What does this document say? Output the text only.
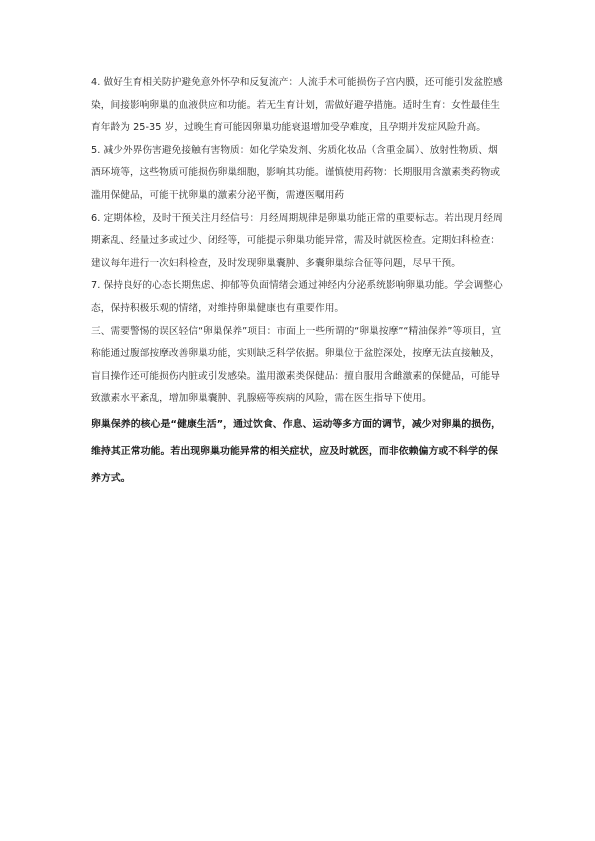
4. 做好生育相关防护避免意外怀孕和反复流产：人流手术可能损伤子宫内膜，还可能引发盆腔感染，间接影响卵巢的血液供应和功能。若无生育计划，需做好避孕措施。适时生育：女性最佳生育年龄为 25-35 岁，过晚生育可能因卵巢功能衰退增加受孕难度，且孕期并发症风险升高。

5. 减少外界伤害避免接触有害物质：如化学染发剂、劣质化妆品（含重金属）、放射性物质、烟酒环境等，这些物质可能损伤卵巢细胞，影响其功能。谨慎使用药物：长期服用含激素类药物或滥用保健品，可能干扰卵巢的激素分泌平衡，需遵医嘱用药

6. 定期体检，及时干预关注月经信号：月经周期规律是卵巢功能正常的重要标志。若出现月经周期紊乱、经量过多或过少、闭经等，可能提示卵巢功能异常，需及时就医检查。定期妇科检查：建议每年进行一次妇科检查，及时发现卵巢囊肿、多囊卵巢综合征等问题，尽早干预。

7. 保持良好的心态长期焦虑、抑郁等负面情绪会通过神经内分泌系统影响卵巢功能。学会调整心态，保持积极乐观的情绪，对维持卵巢健康也有重要作用。

三、需要警惕的误区轻信“卵巢保养”项目：市面上一些所谓的“卵巢按摩”“精油保养”等项目，宣称能通过腹部按摩改善卵巢功能，实则缺乏科学依据。卵巢位于盆腔深处，按摩无法直接触及，盲目操作还可能损伤内脏或引发感染。滥用激素类保健品：擅自服用含雌激素的保健品，可能导致激素水平紊乱，增加卵巢囊肿、乳腺癌等疾病的风险，需在医生指导下使用。

卵巢保养的核心是“健康生活”，通过饮食、作息、运动等多方面的调节，减少对卵巢的损伤，维持其正常功能。若出现卵巢功能异常的相关症状，应及时就医，而非依赖偏方或不科学的保养方式。
